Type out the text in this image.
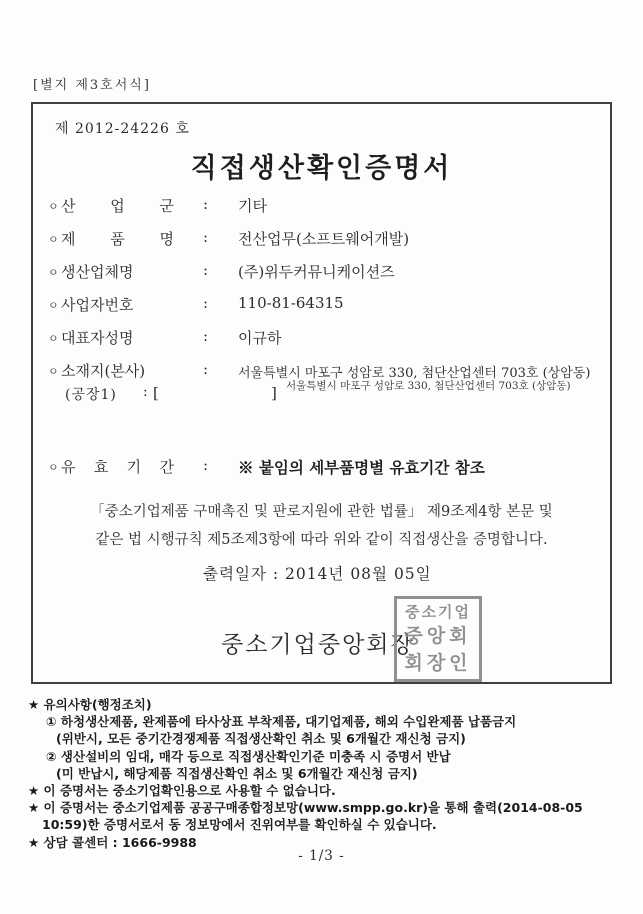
[별지 제3호서식]
제 2012-24226 호
직접생산확인증명서
ㅇ 산 업 군 : 기타
ㅇ 제 품 명 : 전산업무(소프트웨어개발)
ㅇ 생산업체명	: (주)위두커뮤니케이션즈
ㅇ 사업자번호	: 110-81-64315
ㅇ 대표자성명	: 이규하
ㅇ 소재지(본사)	: 서울특별시 마포구 성암로 330, 첨단산업센터 703호 (상암동)
(공장1) : [	] 서울특별시 마포구 성암로 330, 첨단산업센터 703호 (상암동)
ㅇ 유 효 기 간 : ※ 붙임의 세부품명별 유효기간 참조
「중소기업제품 구매촉진 및 판로지원에 관한 법률」 제9조제4항 본문 및
같은 법 시행규칙 제5조제3항에 따라 위와 같이 직접생산을 증명합니다.
출력일자 : 2014년 08월 05일
중소기업중앙회장
중소기업
중앙회
회장인
★ 유의사항(행정조치)
① 하청생산제품, 완제품에 타사상표 부착제품, 대기업제품, 해외 수입완제품 납품금지
(위반시, 모든 중기간경쟁제품 직접생산확인 취소 및 6개월간 재신청 금지)
② 생산설비의 임대, 매각 등으로 직접생산확인기준 미충족 시 증명서 반납
(미 반납시, 해당제품 직접생산확인 취소 및 6개월간 재신청 금지)
★ 이 증명서는 중소기업확인용으로 사용할 수 없습니다.
★ 이 증명서는 중소기업제품 공공구매종합정보망(www.smpp.go.kr)을 통해 출력(2014-08-05
10:59)한 증명서로서 동 정보망에서 진위여부를 확인하실 수 있습니다.
★ 상담 콜센터 : 1666-9988
- 1/3 -
